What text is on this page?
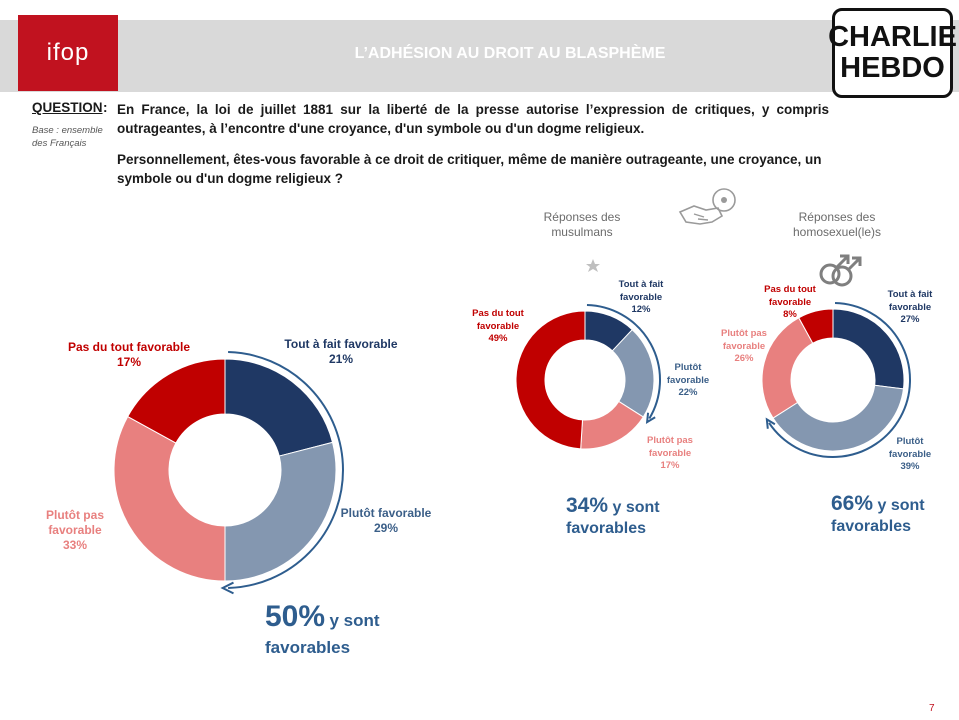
ifop	L’ADHÉSION AU DROIT AU BLASPHÈME
CHARLIE
HEBDO
QUESTION :
Base : ensemble
des Français
En France, la loi de juillet 1881 sur la liberté de la presse autorise l’expression de critiques, y compris outrageantes, à l’encontre d'une croyance, d'un symbole ou d'un dogme religieux.
Personnellement, êtes-vous favorable à ce droit de critiquer, même de manière outrageante, une croyance, un symbole ou d'un dogme religieux ?
Réponses des
musulmans
Réponses des
homosexuel(le)s
Tout à fait favorable
21%
Plutôt favorable
29%
Plutôt pas
favorable
33%
Pas du tout favorable
17%
Tout à fait
favorable
12%
Plutôt
favorable
22%
Plutôt pas
favorable
17%
Pas du tout
favorable
49%
Tout à fait
favorable
27%
Plutôt
favorable
39%
Plutôt pas
favorable
26%
Pas du tout
favorable
8%
50% y sont
favorables
34% y sont
favorables
66% y sont
favorables
7
